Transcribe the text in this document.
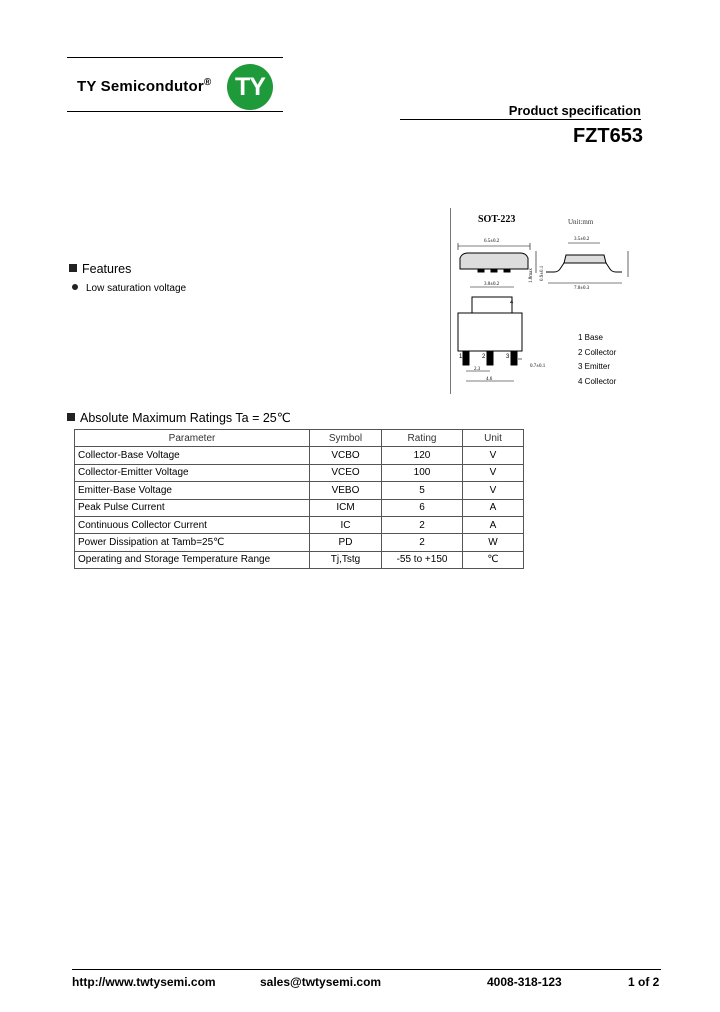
TY Semicondutor® TY
Product specification
FZT653
Features
Low saturation voltage
SOT-223	Unit:mm
6.5±0.2
1.8max 0.9±0.1
3.5±0.2
7.0±0.3
3.0±0.2
4
1	2	3
2.3
4.6
0.7±0.1
1 Base
2 Collector
3 Emitter
4 Collector
Absolute Maximum Ratings Ta = 25℃
Parameter	Symbol	Rating	Unit
Collector-Base Voltage	VCBO	120	V
Collector-Emitter Voltage	VCEO	100	V
Emitter-Base Voltage	VEBO	5	V
Peak Pulse Current	ICM	6	A
Continuous Collector Current	IC	2	A
Power Dissipation at Tamb=25℃	PD	2	W
Operating and Storage Temperature Range	Tj,Tstg	-55 to +150	℃
http://www.twtysemi.com	sales@twtysemi.com	4008-318-123	1 of 2
